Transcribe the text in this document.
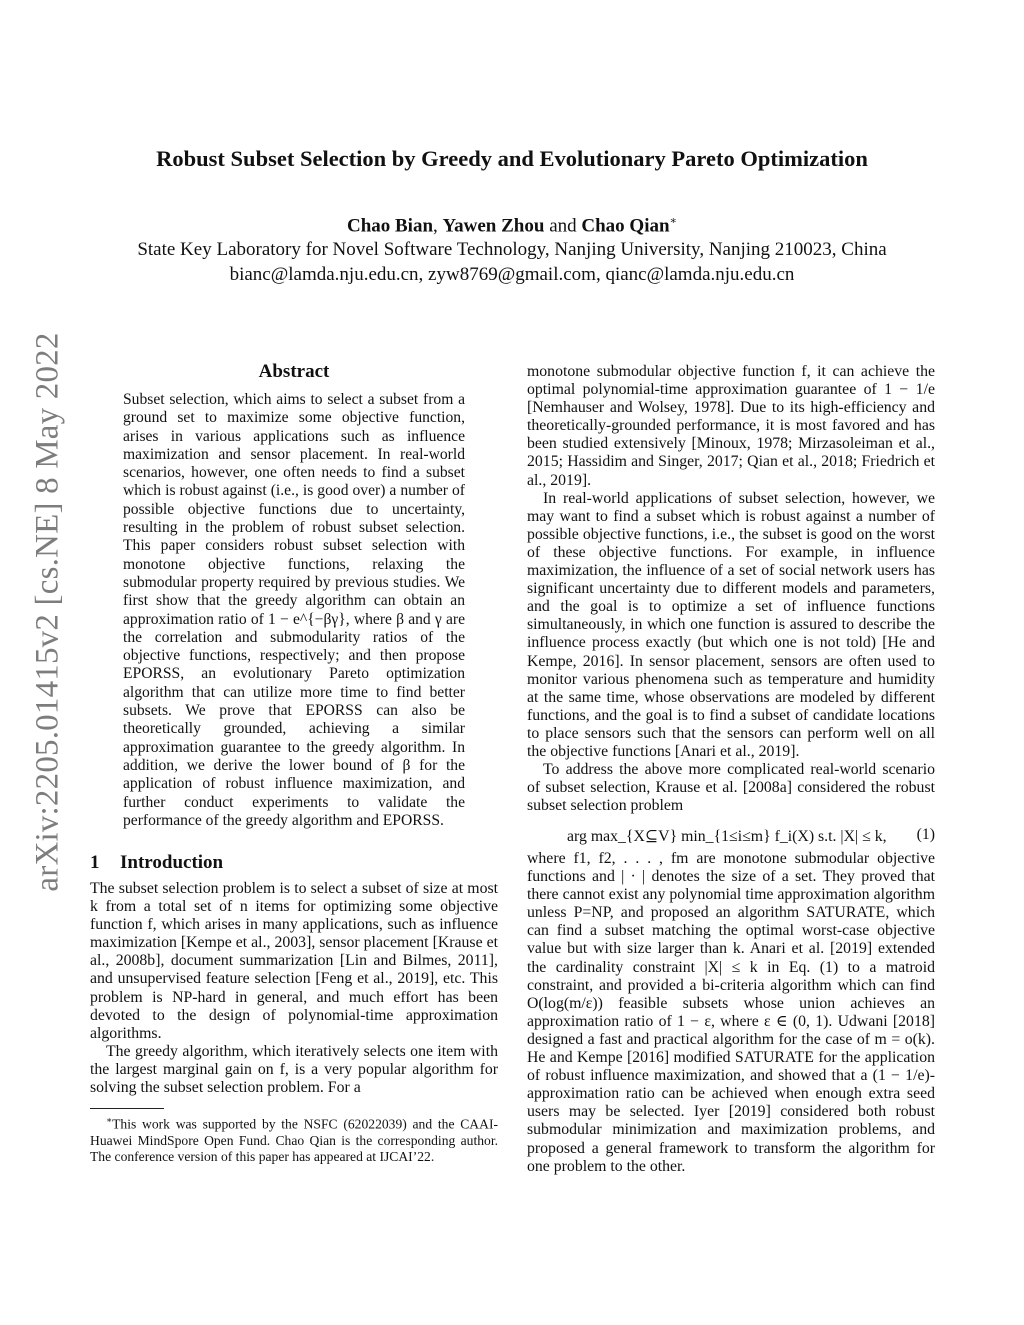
arXiv:2205.01415v2 [cs.NE] 8 May 2022
Robust Subset Selection by Greedy and Evolutionary Pareto Optimization
Chao Bian, Yawen Zhou and Chao Qian∗
State Key Laboratory for Novel Software Technology, Nanjing University, Nanjing 210023, China
bianc@lamda.nju.edu.cn, zyw8769@gmail.com, qianc@lamda.nju.edu.cn
Abstract

Subset selection, which aims to select a subset from a ground set to maximize some objective function, arises in various applications such as influence maximization and sensor placement. In real-world scenarios, however, one often needs to find a subset which is robust against (i.e., is good over) a number of possible objective functions due to uncertainty, resulting in the problem of robust subset selection. This paper considers robust subset selection with monotone objective functions, relaxing the submodular property required by previous studies. We first show that the greedy algorithm can obtain an approximation ratio of 1 − e^{−βγ}, where β and γ are the correlation and submodularity ratios of the objective functions, respectively; and then propose EPORSS, an evolutionary Pareto optimization algorithm that can utilize more time to find better subsets. We prove that EPORSS can also be theoretically grounded, achieving a similar approximation guarantee to the greedy algorithm. In addition, we derive the lower bound of β for the application of robust influence maximization, and further conduct experiments to validate the performance of the greedy algorithm and EPORSS.

1 Introduction

The subset selection problem is to select a subset of size at most k from a total set of n items for optimizing some objective function f, which arises in many applications, such as influence maximization [Kempe et al., 2003], sensor placement [Krause et al., 2008b], document summarization [Lin and Bilmes, 2011], and unsupervised feature selection [Feng et al., 2019], etc. This problem is NP-hard in general, and much effort has been devoted to the design of polynomial-time approximation algorithms.

The greedy algorithm, which iteratively selects one item with the largest marginal gain on f, is a very popular algorithm for solving the subset selection problem. For a

∗This work was supported by the NSFC (62022039) and the CAAI-Huawei MindSpore Open Fund. Chao Qian is the corresponding author. The conference version of this paper has appeared at IJCAI’22.

monotone submodular objective function f, it can achieve the optimal polynomial-time approximation guarantee of 1 − 1/e [Nemhauser and Wolsey, 1978]. Due to its high-efficiency and theoretically-grounded performance, it is most favored and has been studied extensively [Minoux, 1978; Mirzasoleiman et al., 2015; Hassidim and Singer, 2017; Qian et al., 2018; Friedrich et al., 2019].

In real-world applications of subset selection, however, we may want to find a subset which is robust against a number of possible objective functions, i.e., the subset is good on the worst of these objective functions. For example, in influence maximization, the influence of a set of social network users has significant uncertainty due to different models and parameters, and the goal is to optimize a set of influence functions simultaneously, in which one function is assured to describe the influence process exactly (but which one is not told) [He and Kempe, 2016]. In sensor placement, sensors are often used to monitor various phenomena such as temperature and humidity at the same time, whose observations are modeled by different functions, and the goal is to find a subset of candidate locations to place sensors such that the sensors can perform well on all the objective functions [Anari et al., 2019].

To address the above more complicated real-world scenario of subset selection, Krause et al. [2008a] considered the robust subset selection problem

arg max_{X⊆V} min_{1≤i≤m} f_i(X) s.t. |X| ≤ k, (1)

where f1, f2, . . . , fm are monotone submodular objective functions and | · | denotes the size of a set. They proved that there cannot exist any polynomial time approximation algorithm unless P=NP, and proposed an algorithm SATURATE, which can find a subset matching the optimal worst-case objective value but with size larger than k. Anari et al. [2019] extended the cardinality constraint |X| ≤ k in Eq. (1) to a matroid constraint, and provided a bi-criteria algorithm which can find O(log(m/ε)) feasible subsets whose union achieves an approximation ratio of 1 − ε, where ε ∈ (0, 1). Udwani [2018] designed a fast and practical algorithm for the case of m = o(k). He and Kempe [2016] modified SATURATE for the application of robust influence maximization, and showed that a (1 − 1/e)-approximation ratio can be achieved when enough extra seed users may be selected. Iyer [2019] considered both robust submodular minimization and maximization problems, and proposed a general framework to transform the algorithm for one problem to the other.
